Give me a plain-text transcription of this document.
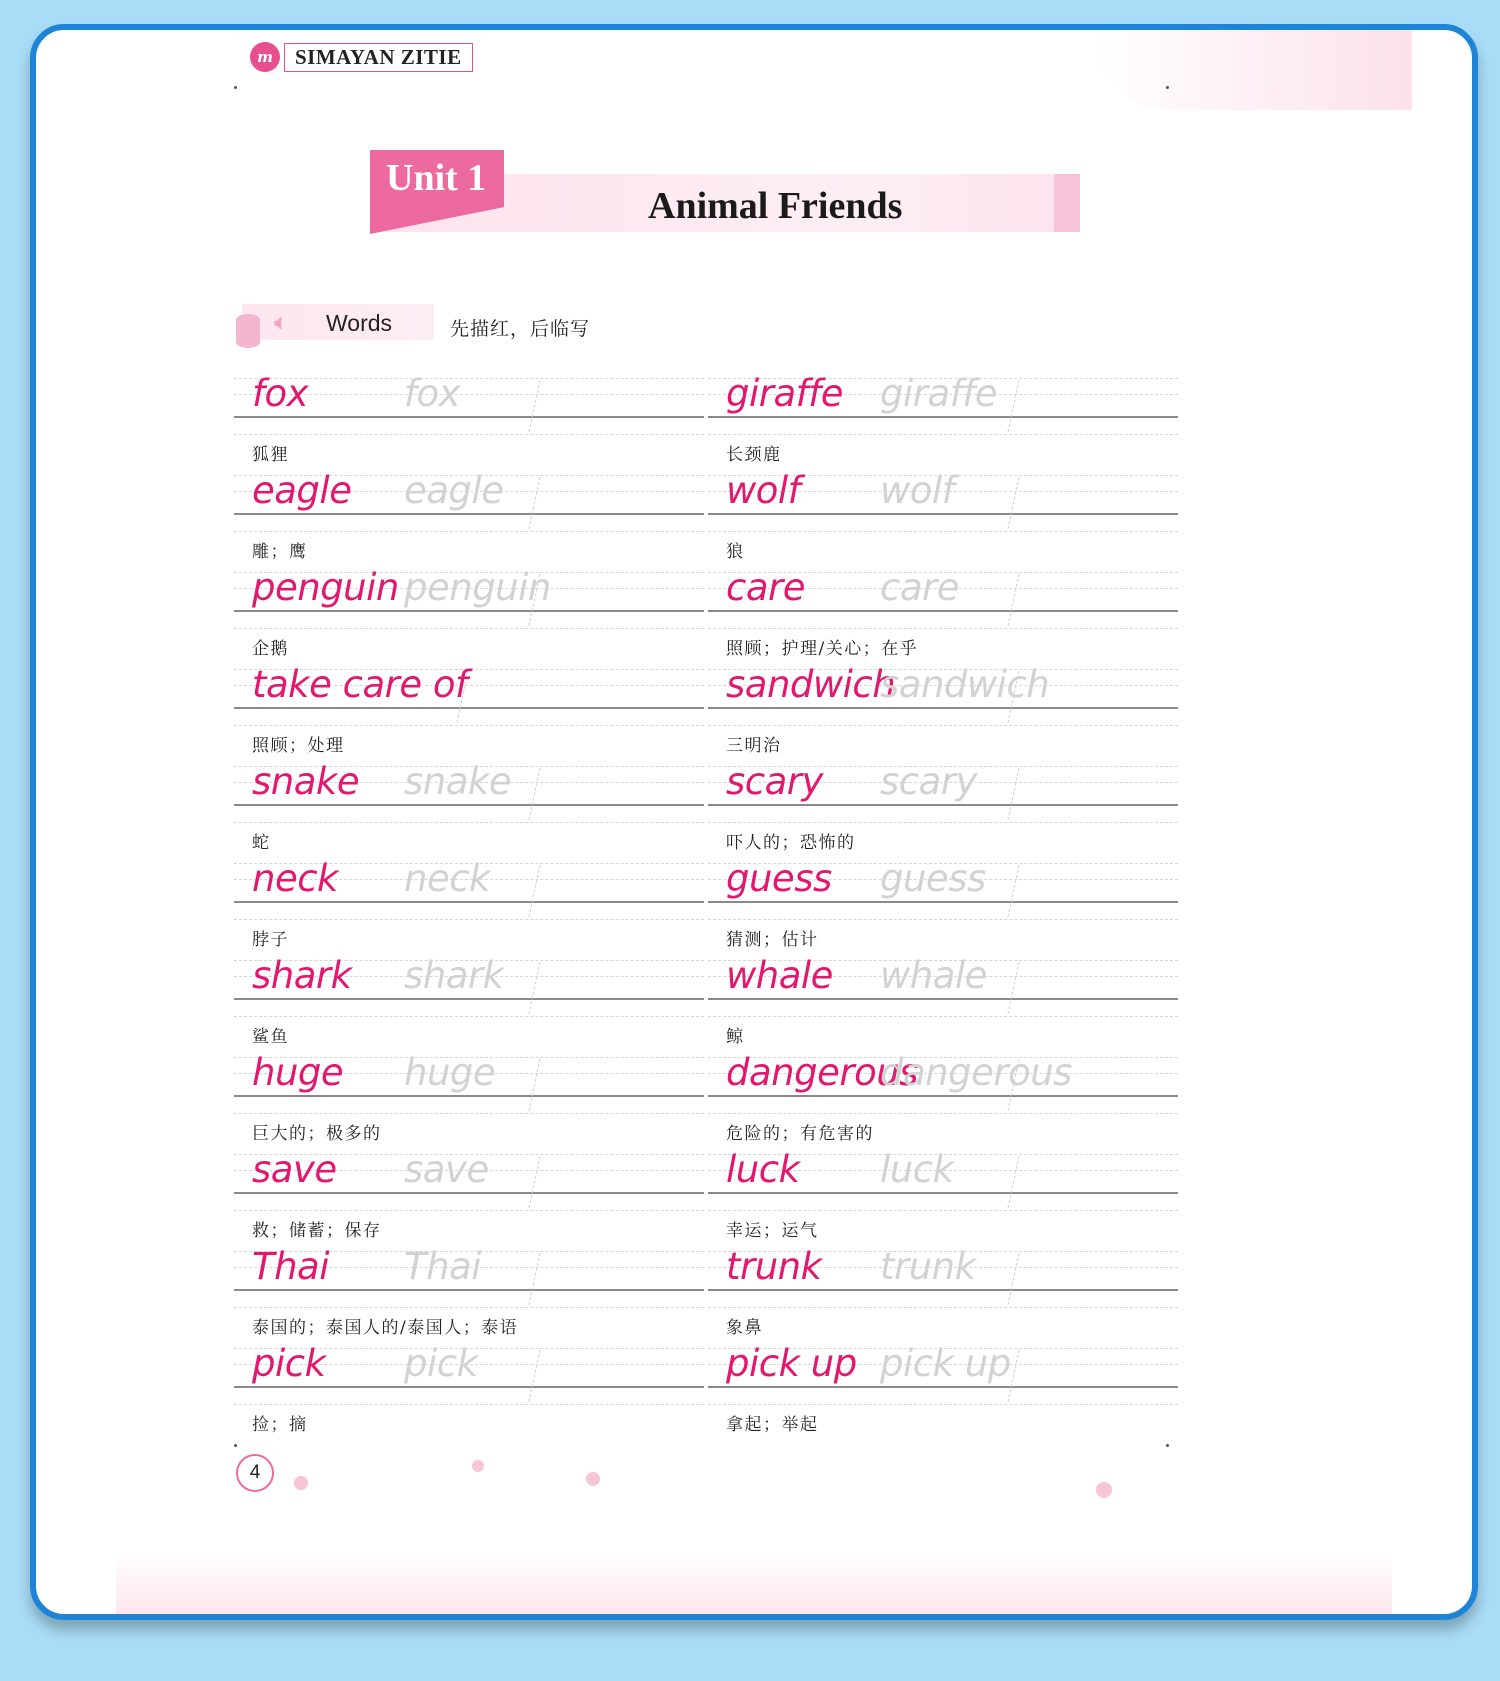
m	SIMAYAN ZITIE
Unit 1
Animal Friends
🔈︎ Words	先描红，后临写
fox	fox
狐狸
eagle eagle
雕；鹰
penguin penguin
企鹅
take care of
照顾；处理
snake snake
蛇
neck neck
脖子
shark shark
鲨鱼
huge huge
巨大的；极多的
save save
救；储蓄；保存
Thai Thai
泰国的；泰国人的/泰国人；泰语
pick pick
捡；摘
giraffe giraffe
长颈鹿
wolf wolf
狼
care care
照顾；护理/关心；在乎
sandwich
sandwich
三明治
scary scary
吓人的；恐怖的
guess guess
猜测；估计
whale whale
鲸
dangerous
dangerous
危险的；有危害的
luck luck
幸运；运气
trunk trunk
象鼻
pick up pick up
拿起；举起
4
